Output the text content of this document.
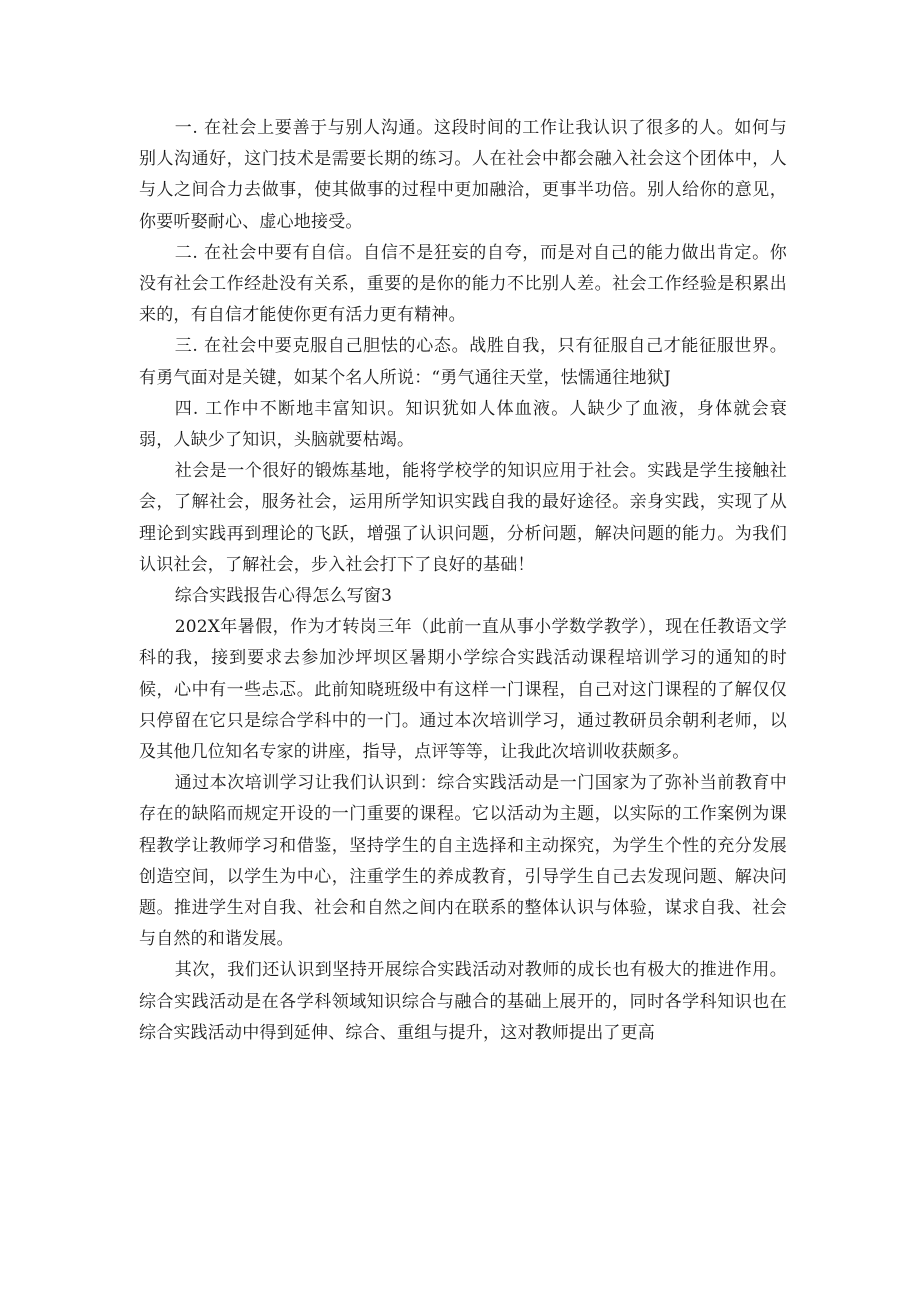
一. 在社会上要善于与别人沟通。这段时间的工作让我认识了很多的人。如何与别人沟通好，这门技术是需要长期的练习。人在社会中都会融入社会这个团体中，人与人之间合力去做事，使其做事的过程中更加融洽，更事半功倍。别人给你的意见，你要听娶耐心、虚心地接受。

二. 在社会中要有自信。自信不是狂妄的自夸，而是对自己的能力做出肯定。你没有社会工作经赴没有关系，重要的是你的能力不比别人差。社会工作经验是积累出来的，有自信才能使你更有活力更有精神。

三. 在社会中要克服自己胆怯的心态。战胜自我，只有征服自己才能征服世界。有勇气面对是关键，如某个名人所说：“勇气通往天堂，怯懦通往地狱J

四. 工作中不断地丰富知识。知识犹如人体血液。人缺少了血液，身体就会衰弱，人缺少了知识，头脑就要枯竭。

社会是一个很好的锻炼基地，能将学校学的知识应用于社会。实践是学生接触社会，了解社会，服务社会，运用所学知识实践自我的最好途径。亲身实践，实现了从理论到实践再到理论的飞跃，增强了认识问题，分析问题，解决问题的能力。为我们认识社会，了解社会，步入社会打下了良好的基础！

综合实践报告心得怎么写窗3

202X年暑假，作为才转岗三年（此前一直从事小学数学教学），现在任教语文学科的我，接到要求去参加沙坪坝区暑期小学综合实践活动课程培训学习的通知的时候，心中有一些忐忑。此前知晓班级中有这样一门课程，自己对这门课程的了解仅仅只停留在它只是综合学科中的一门。通过本次培训学习，通过教研员余朝利老师，以及其他几位知名专家的讲座，指导，点评等等，让我此次培训收获颇多。

通过本次培训学习让我们认识到：综合实践活动是一门国家为了弥补当前教育中存在的缺陷而规定开设的一门重要的课程。它以活动为主题，以实际的工作案例为课程教学让教师学习和借鉴，坚持学生的自主选择和主动探究，为学生个性的充分发展创造空间，以学生为中心，注重学生的养成教育，引导学生自己去发现问题、解决问题。推进学生对自我、社会和自然之间内在联系的整体认识与体验，谋求自我、社会与自然的和谐发展。

其次，我们还认识到坚持开展综合实践活动对教师的成长也有极大的推进作用。综合实践活动是在各学科领域知识综合与融合的基础上展开的，同时各学科知识也在综合实践活动中得到延伸、综合、重组与提升，这对教师提出了更高
